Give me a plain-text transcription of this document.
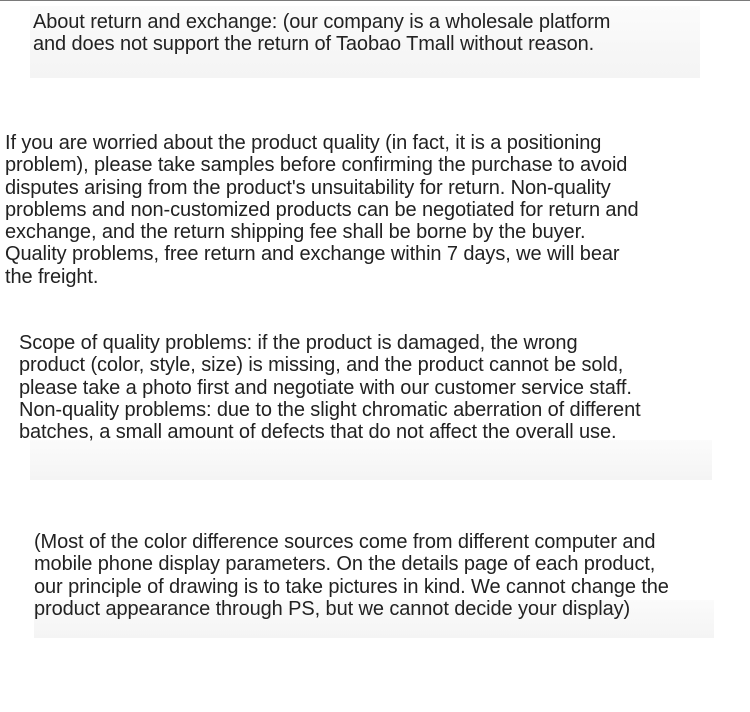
About return and exchange: (our company is a wholesale platform
and does not support the return of Taobao Tmall without reason.
If you are worried about the product quality (in fact, it is a positioning
problem), please take samples before confirming the purchase to avoid
disputes arising from the product's unsuitability for return. Non-quality
problems and non-customized products can be negotiated for return and
exchange, and the return shipping fee shall be borne by the buyer.
Quality problems, free return and exchange within 7 days, we will bear
the freight.
Scope of quality problems: if the product is damaged, the wrong
product (color, style, size) is missing, and the product cannot be sold,
please take a photo first and negotiate with our customer service staff.
Non-quality problems: due to the slight chromatic aberration of different
batches, a small amount of defects that do not affect the overall use.
(Most of the color difference sources come from different computer and
mobile phone display parameters. On the details page of each product,
our principle of drawing is to take pictures in kind. We cannot change the
product appearance through PS, but we cannot decide your display)
